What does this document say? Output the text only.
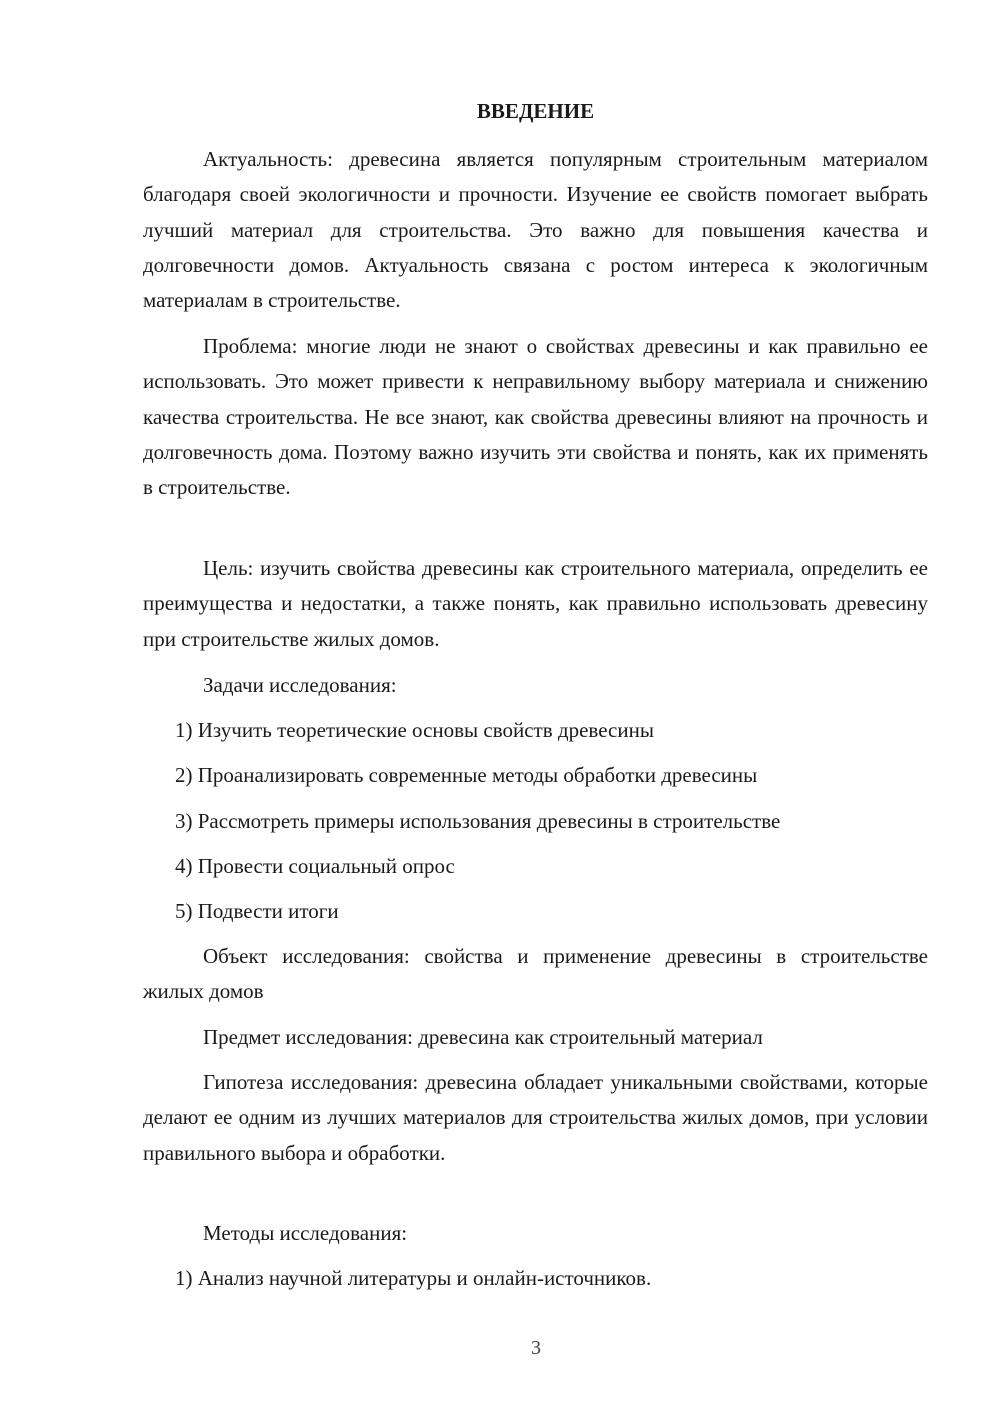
ВВЕДЕНИЕ

Актуальность: древесина является популярным строительным материалом благодаря своей экологичности и прочности. Изучение ее свойств помогает выбрать лучший материал для строительства. Это важно для повышения качества и долговечности домов. Актуальность связана с ростом интереса к экологичным материалам в строительстве.

Проблема: многие люди не знают о свойствах древесины и как правильно ее использовать. Это может привести к неправильному выбору материала и снижению качества строительства. Не все знают, как свойства древесины влияют на прочность и долговечность дома. Поэтому важно изучить эти свойства и понять, как их применять в строительстве.

Цель: изучить свойства древесины как строительного материала, определить ее преимущества и недостатки, а также понять, как правильно использовать древесину при строительстве жилых домов.

Задачи исследования:

1) Изучить теоретические основы свойств древесины

2) Проанализировать современные методы обработки древесины

3) Рассмотреть примеры использования древесины в строительстве

4) Провести социальный опрос

5) Подвести итоги

Объект исследования: свойства и применение древесины в строительстве жилых домов

Предмет исследования: древесина как строительный материал

Гипотеза исследования: древесина обладает уникальными свойствами, которые делают ее одним из лучших материалов для строительства жилых домов, при условии правильного выбора и обработки.

Методы исследования:

1) Анализ научной литературы и онлайн-источников.

3
